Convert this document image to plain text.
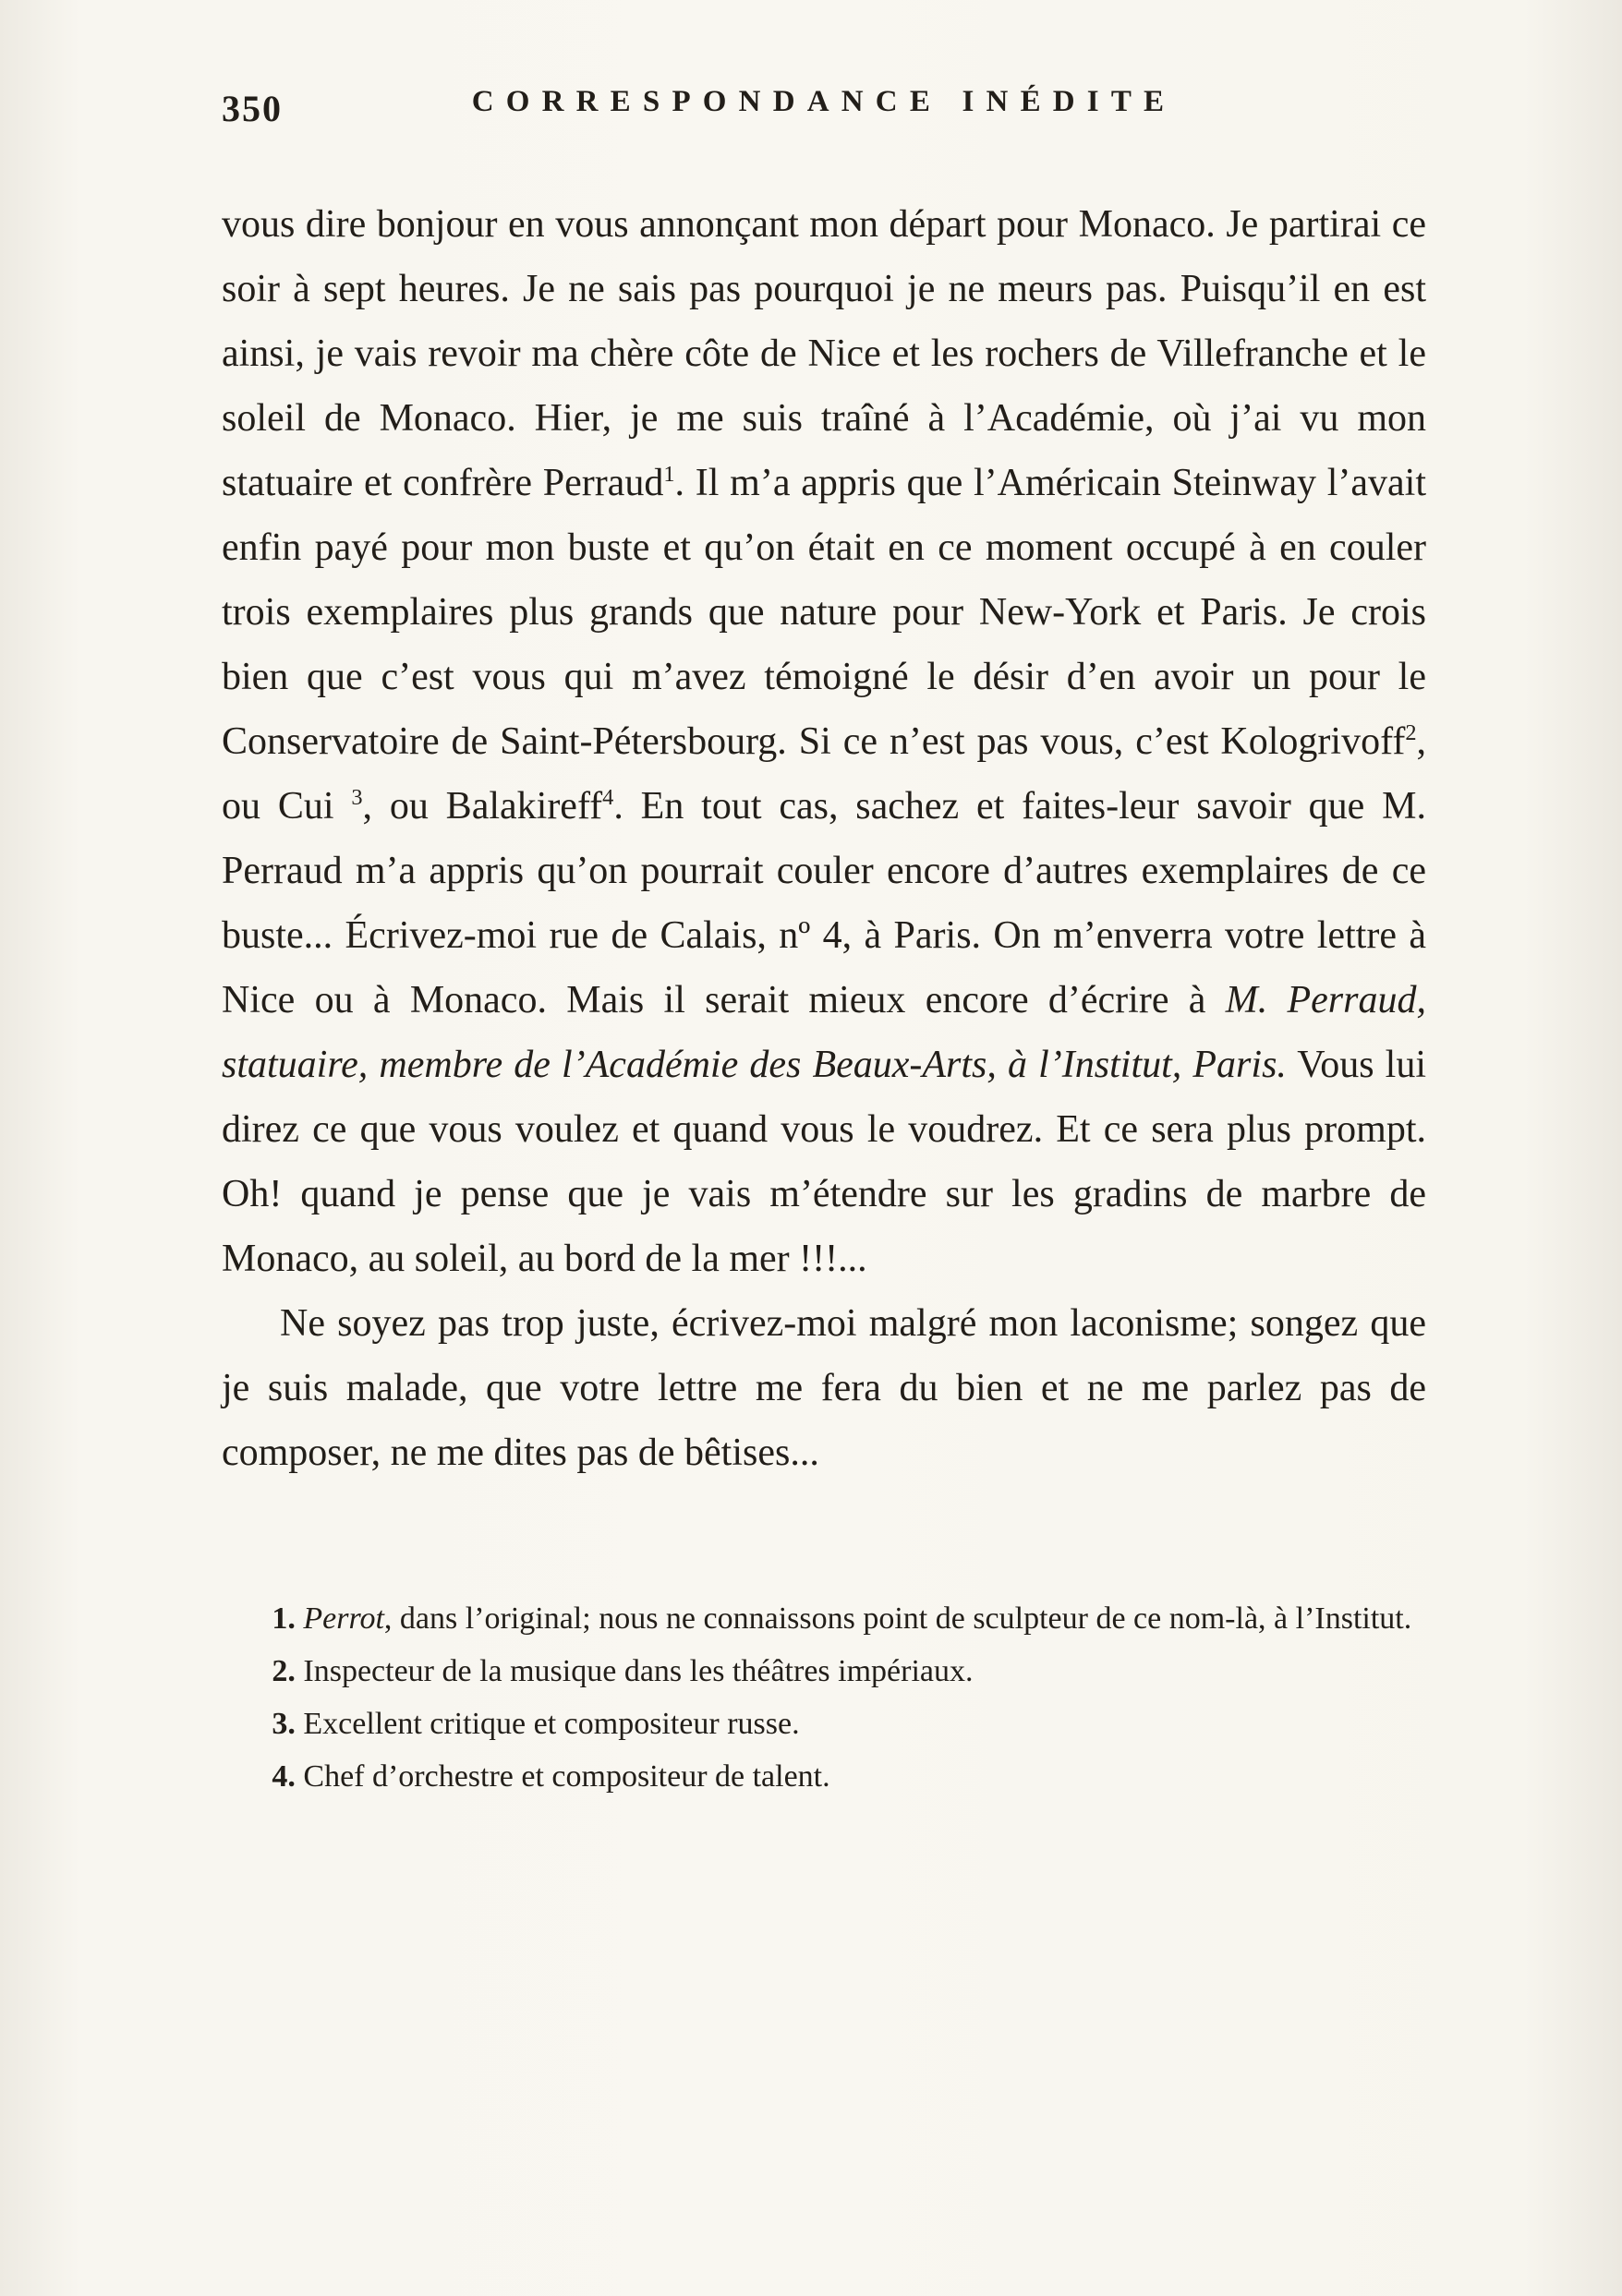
350	CORRESPONDANCE INÉDITE

vous dire bonjour en vous annonçant mon départ pour Monaco. Je partirai ce soir à sept heures. Je ne sais pas pourquoi je ne meurs pas. Puisqu’il en est ainsi, je vais revoir ma chère côte de Nice et les rochers de Villefranche et le soleil de Monaco. Hier, je me suis traîné à l’Académie, où j’ai vu mon statuaire et confrère Perraud$^1$. Il m’a appris que l’Américain Steinway l’avait enfin payé pour mon buste et qu’on était en ce moment occupé à en couler trois exemplaires plus grands que nature pour New-York et Paris. Je crois bien que c’est vous qui m’avez témoigné le désir d’en avoir un pour le Conservatoire de Saint-Pétersbourg. Si ce n’est pas vous, c’est Kologrivoff$^2$, ou Cui $^3$, ou Balakireff$^4$. En tout cas, sachez et faites-leur savoir que M. Perraud m’a appris qu’on pourrait couler encore d’autres exemplaires de ce buste... Écrivez-moi rue de Calais, nº 4, à Paris. On m’enverra votre lettre à Nice ou à Monaco. Mais il serait mieux encore d’écrire à M. Perraud, statuaire, membre de l’Académie des Beaux-Arts, à l’Institut, Paris. Vous lui direz ce que vous voulez et quand vous le voudrez. Et ce sera plus prompt. Oh! quand je pense que je vais m’étendre sur les gradins de marbre de Monaco, au soleil, au bord de la mer !!!...

Ne soyez pas trop juste, écrivez-moi malgré mon laconisme; songez que je suis malade, que votre lettre me fera du bien et ne me parlez pas de composer, ne me dites pas de bêtises...

1. Perrot, dans l’original; nous ne connaissons point de sculpteur de ce nom-là, à l’Institut.

2. Inspecteur de la musique dans les théâtres impériaux.

3. Excellent critique et compositeur russe.

4. Chef d’orchestre et compositeur de talent.
